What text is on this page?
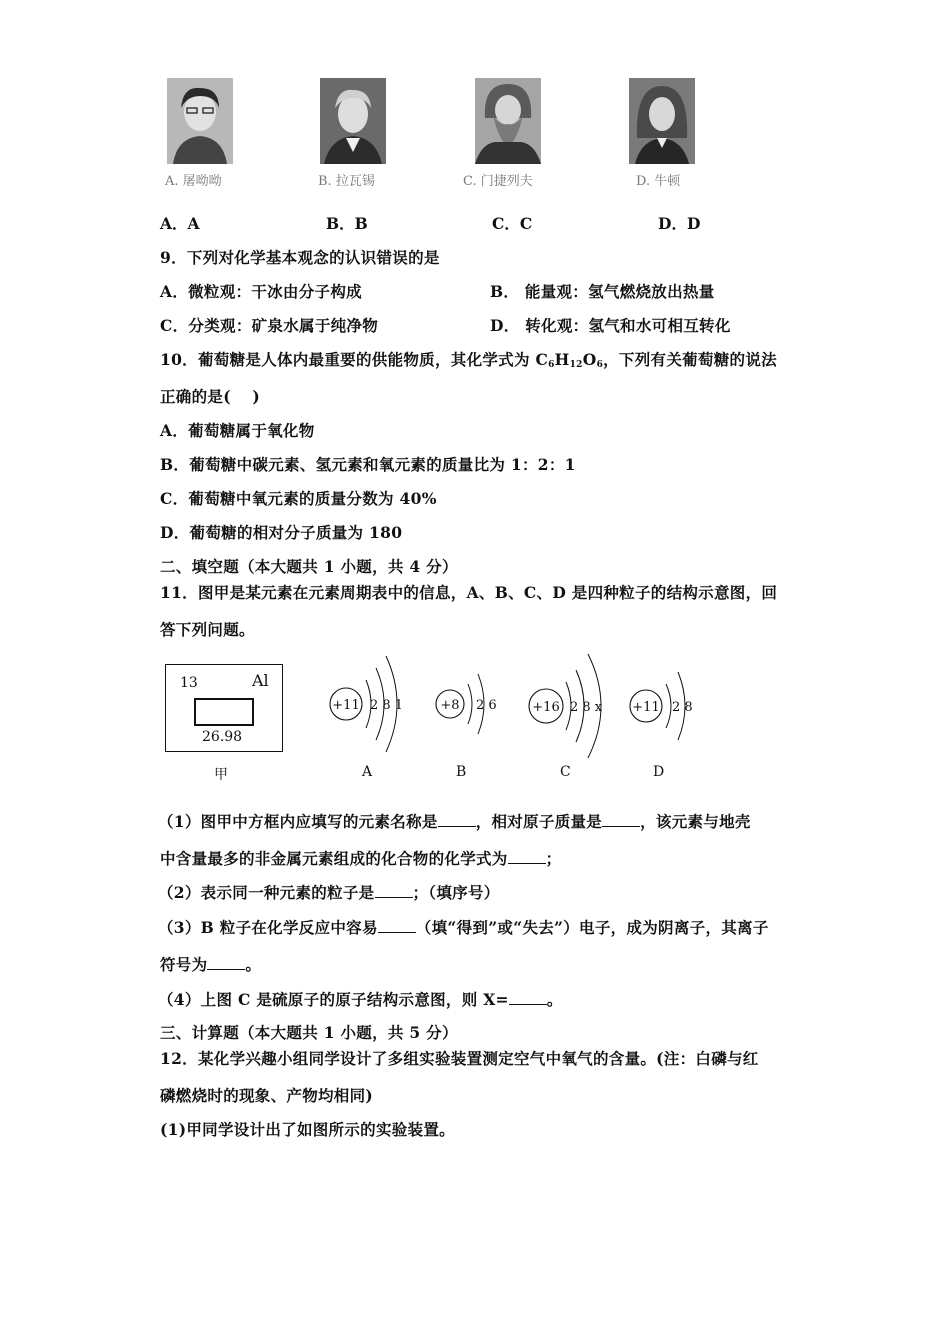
A. 屠呦呦	B. 拉瓦锡	C. 门捷列夫	D. 牛顿
A．A	B．B	C．C	D．D
9．下列对化学基本观念的认识错误的是
A．微粒观：干冰由分子构成	B． 能量观：氢气燃烧放出热量
C．分类观：矿泉水属于纯净物	D． 转化观：氢气和水可相互转化
10．葡萄糖是人体内最重要的供能物质，其化学式为 $C_6H_{12}O_6$，下列有关葡萄糖的说法
正确的是(　 )
A．葡萄糖属于氧化物
B．葡萄糖中碳元素、氢元素和氧元素的质量比为 1：2：1
C．葡萄糖中氧元素的质量分数为 40%
D．葡萄糖的相对分子质量为 180
二、填空题（本大题共 1 小题，共 4 分）
11．图甲是某元素在元素周期表中的信息，A、B、C、D 是四种粒子的结构示意图，回
答下列问题。
13	Al
26.98
+11 2 8 1	+8 2 6	+16 2 8 x +11 2 8
甲	A	B	C	D
（1）图甲中方框内应填写的元素名称是 ，相对原子质量是 ，该元素与地壳
中含量最多的非金属元素组成的化合物的化学式为 ；
（2）表示同一种元素的粒子是 ；（填序号）
（3）B 粒子在化学反应中容易 （填“得到”或“失去”）电子，成为阴离子，其离子
符号为 。
（4）上图 C 是硫原子的原子结构示意图，则 X= 。
三、计算题（本大题共 1 小题，共 5 分）
12．某化学兴趣小组同学设计了多组实验装置测定空气中氧气的含量。(注：白磷与红
磷燃烧时的现象、产物均相同)
(1)甲同学设计出了如图所示的实验装置。
